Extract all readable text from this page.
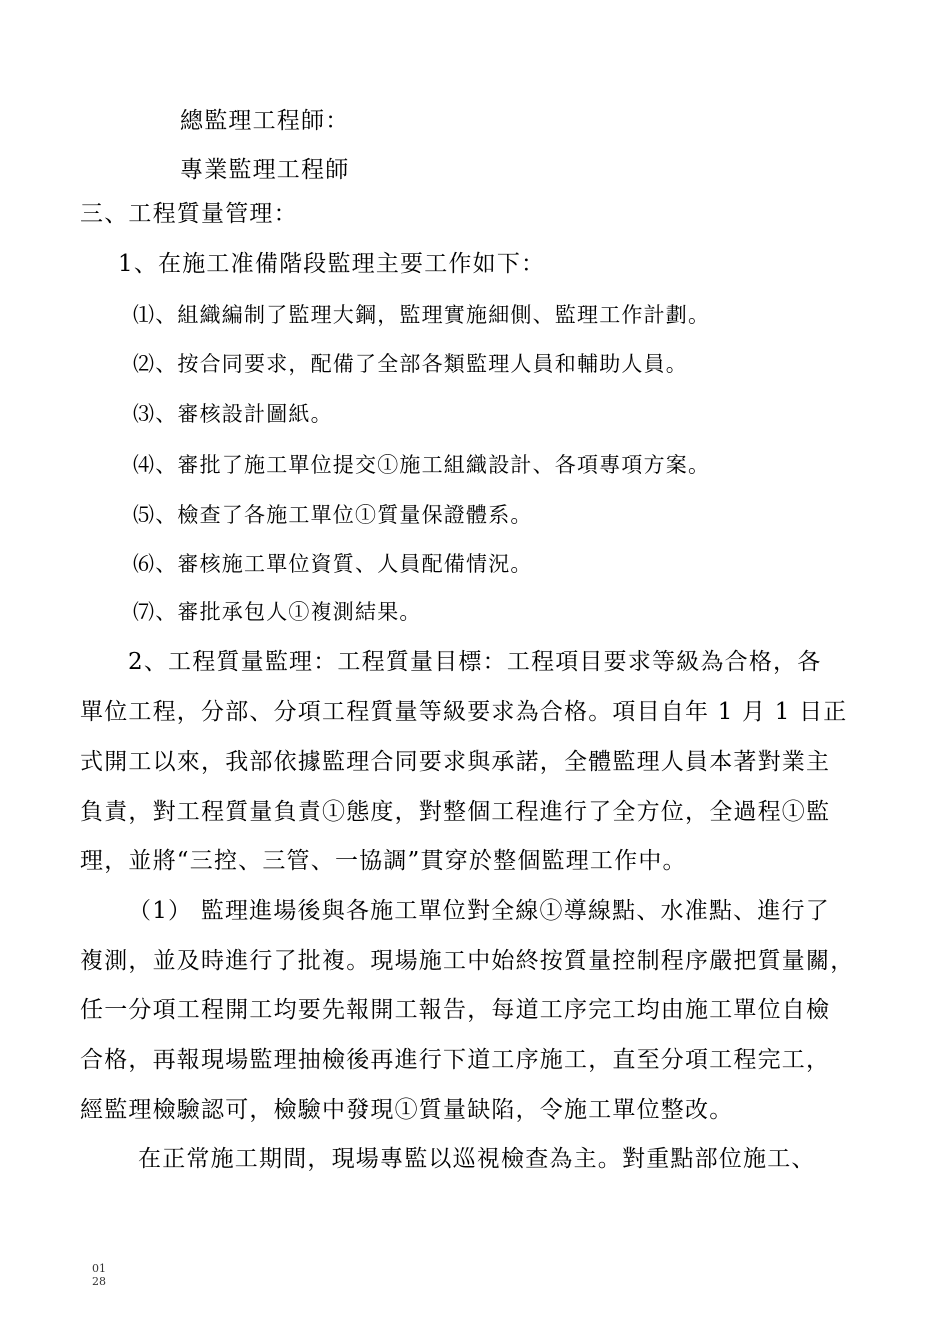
總監理工程師：
專業監理工程師
三、工程質量管理：
1、在施工准備階段監理主要工作如下：
⑴、組織編制了監理大鋼，監理實施細側、監理工作計劃。
⑵、按合同要求，配備了全部各類監理人員和輔助人員。
⑶、審核設計圖紙。
⑷、審批了施工單位提交①施工組織設計、各項專項方案。
⑸、檢查了各施工單位①質量保證體系。
⑹、審核施工單位資質、人員配備情況。
⑺、審批承包人①複測結果。
2、工程質量監理：工程質量目標：工程項目要求等級為合格，各
單位工程，分部、分項工程質量等級要求為合格。項目自年 1 月 1 日正
式開工以來，我部依據監理合同要求與承諾，全體監理人員本著對業主
負責，對工程質量負責①態度，對整個工程進行了全方位，全過程①監
理，並將“三控、三管、一協調”貫穿於整個監理工作中。
（1） 監理進場後與各施工單位對全線①導線點、水准點、進行了
複測，並及時進行了批複。現場施工中始終按質量控制程序嚴把質量關，
任一分項工程開工均要先報開工報告，每道工序完工均由施工單位自檢
合格，再報現場監理抽檢後再進行下道工序施工，直至分項工程完工，
經監理檢驗認可，檢驗中發現①質量缺陷，令施工單位整改。
在正常施工期間，現場專監以巡視檢查為主。對重點部位施工、
01
28
